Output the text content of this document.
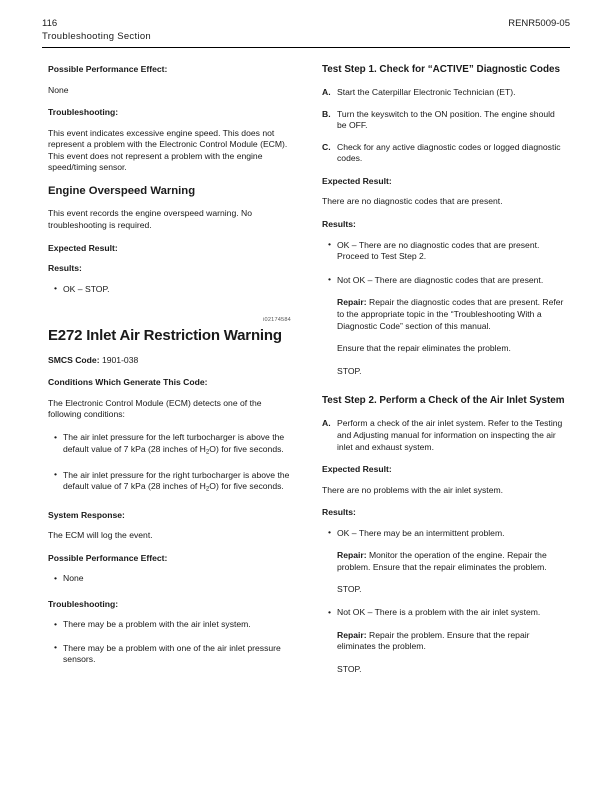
116
Troubleshooting Section
RENR5009-05
Possible Performance Effect:

None

Troubleshooting:

This event indicates excessive engine speed. This does not represent a problem with the Electronic Control Module (ECM). This event does not represent a problem with the engine speed/timing sensor.

Engine Overspeed Warning

This event records the engine overspeed warning. No troubleshooting is required.

Expected Result:
Results:
• OK – STOP.
i02174584
E272 Inlet Air Restriction Warning

SMCS Code: 1901-038

Conditions Which Generate This Code:

The Electronic Control Module (ECM) detects one of the following conditions:

• The air inlet pressure for the left turbocharger is above the default value of 7 kPa (28 inches of $H_2O$) for five seconds.
• The air inlet pressure for the right turbocharger is above the default value of 7 kPa (28 inches of $H_2O$) for five seconds.
System Response:

The ECM will log the event.

Possible Performance Effect:
• None
Troubleshooting:
• There may be a problem with the air inlet system.
• There may be a problem with one of the air inlet pressure sensors.
Test Step 1. Check for “ACTIVE” Diagnostic Codes
A. Start the Caterpillar Electronic Technician (ET).
B. Turn the keyswitch to the ON position. The engine should be OFF.
C. Check for any active diagnostic codes or logged diagnostic codes.
Expected Result:

There are no diagnostic codes that are present.

Results:
• OK – There are no diagnostic codes that are present. Proceed to Test Step 2.
• Not OK – There are diagnostic codes that are present.

Repair: Repair the diagnostic codes that are present. Refer to the appropriate topic in the “Troubleshooting With a Diagnostic Code” section of this manual.

Ensure that the repair eliminates the problem.

STOP.

Test Step 2. Perform a Check of the Air Inlet System
A. Perform a check of the air inlet system. Refer to the Testing and Adjusting manual for information on inspecting the air inlet and exhaust system.
Expected Result:

There are no problems with the air inlet system.

Results:
• OK – There may be an intermittent problem.

Repair: Monitor the operation of the engine. Repair the problem. Ensure that the repair eliminates the problem.

STOP.

• Not OK – There is a problem with the air inlet system.

Repair: Repair the problem. Ensure that the repair eliminates the problem.

STOP.
